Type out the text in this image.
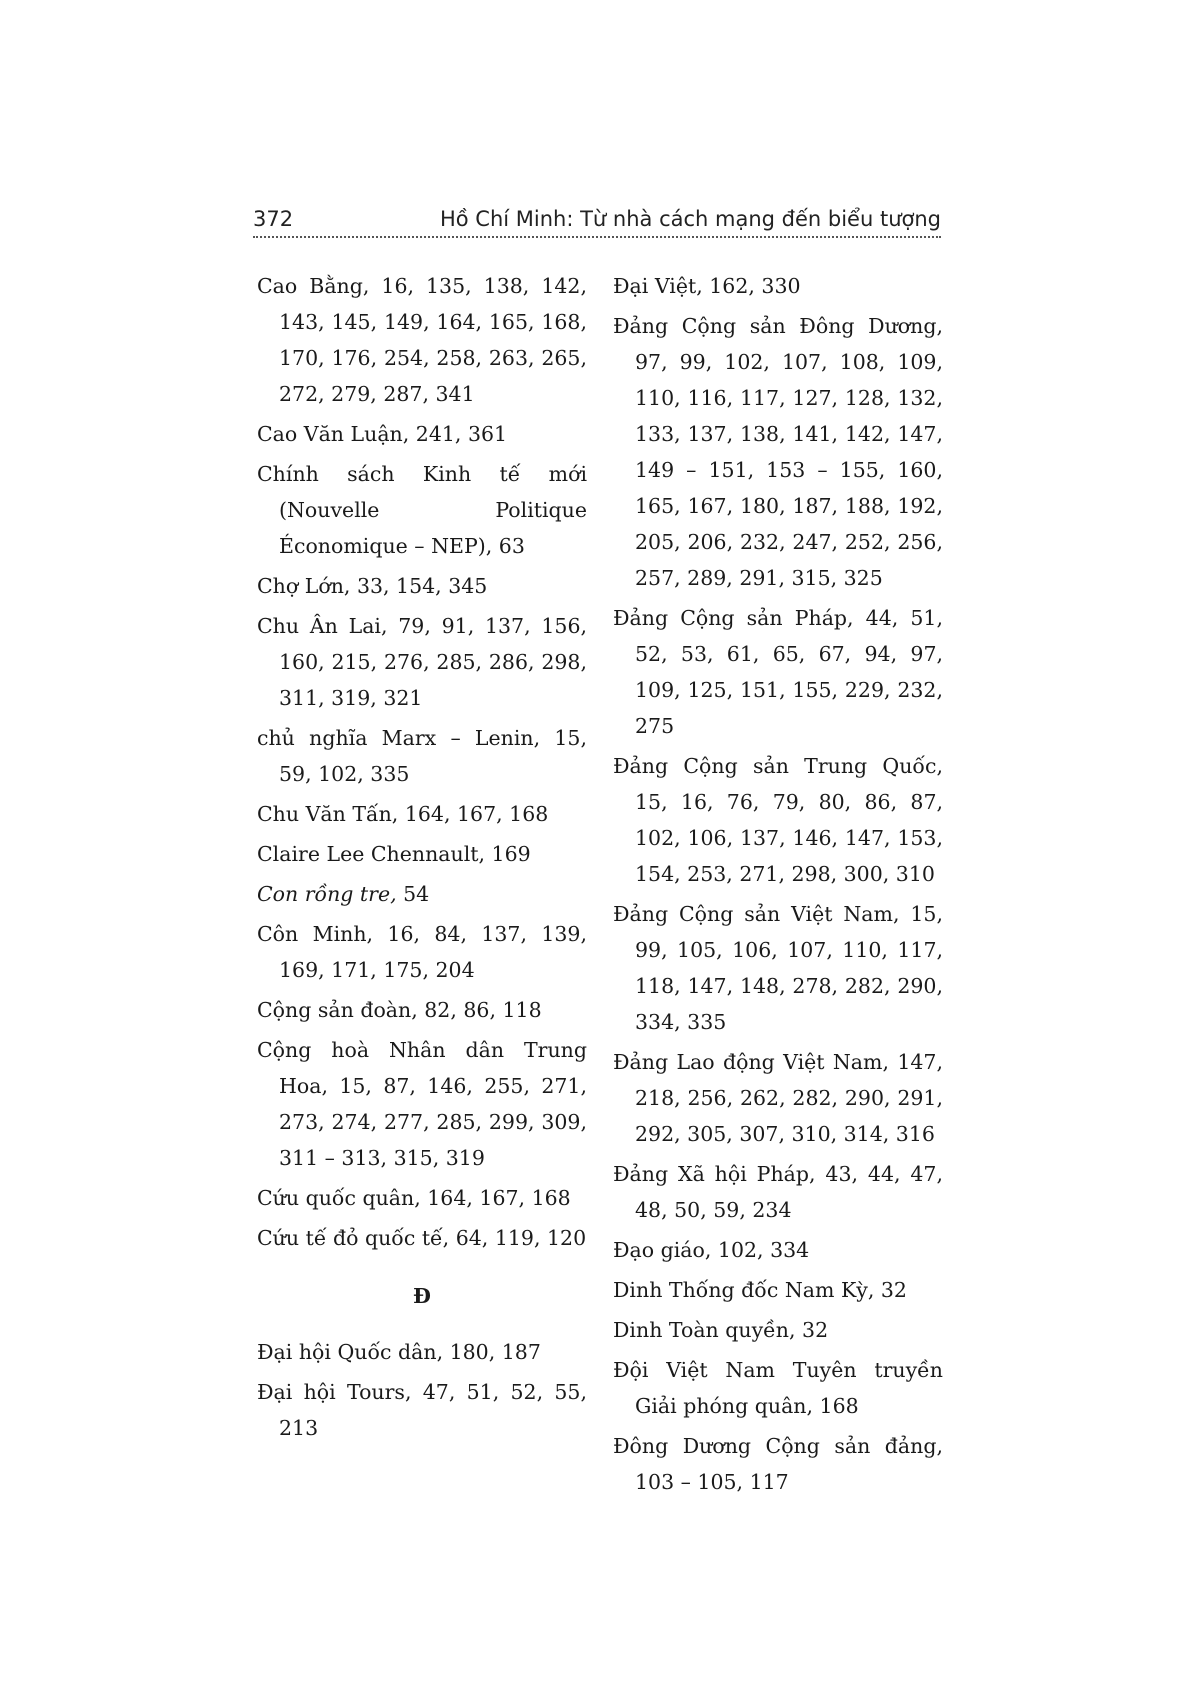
372	Hồ Chí Minh: Từ nhà cách mạng đến biểu tượng
Cao Bằng, 16, 135, 138, 142, 143, 145, 149, 164, 165, 168, 170, 176, 254, 258, 263, 265, 272, 279, 287, 341
Cao Văn Luận, 241, 361
Chính sách Kinh tế mới (Nouvelle Politique Économique – NEP), 63
Chợ Lớn, 33, 154, 345
Chu Ân Lai, 79, 91, 137, 156, 160, 215, 276, 285, 286, 298, 311, 319, 321
chủ nghĩa Marx – Lenin, 15, 59, 102, 335
Chu Văn Tấn, 164, 167, 168
Claire Lee Chennault, 169
Con rồng tre, 54
Côn Minh, 16, 84, 137, 139, 169, 171, 175, 204
Cộng sản đoàn, 82, 86, 118
Cộng hoà Nhân dân Trung Hoa, 15, 87, 146, 255, 271, 273, 274, 277, 285, 299, 309, 311 – 313, 315, 319
Cứu quốc quân, 164, 167, 168
Cứu tế đỏ quốc tế, 64, 119, 120
Đ
Đại hội Quốc dân, 180, 187
Đại hội Tours, 47, 51, 52, 55, 213
Đại Việt, 162, 330
Đảng Cộng sản Đông Dương, 97, 99, 102, 107, 108, 109, 110, 116, 117, 127, 128, 132, 133, 137, 138, 141, 142, 147, 149 – 151, 153 – 155, 160, 165, 167, 180, 187, 188, 192, 205, 206, 232, 247, 252, 256, 257, 289, 291, 315, 325
Đảng Cộng sản Pháp, 44, 51, 52, 53, 61, 65, 67, 94, 97, 109, 125, 151, 155, 229, 232, 275
Đảng Cộng sản Trung Quốc, 15, 16, 76, 79, 80, 86, 87, 102, 106, 137, 146, 147, 153, 154, 253, 271, 298, 300, 310
Đảng Cộng sản Việt Nam, 15, 99, 105, 106, 107, 110, 117, 118, 147, 148, 278, 282, 290, 334, 335
Đảng Lao động Việt Nam, 147, 218, 256, 262, 282, 290, 291, 292, 305, 307, 310, 314, 316
Đảng Xã hội Pháp, 43, 44, 47, 48, 50, 59, 234
Đạo giáo, 102, 334
Dinh Thống đốc Nam Kỳ, 32
Dinh Toàn quyền, 32
Đội Việt Nam Tuyên truyền Giải phóng quân, 168
Đông Dương Cộng sản đảng, 103 – 105, 117
